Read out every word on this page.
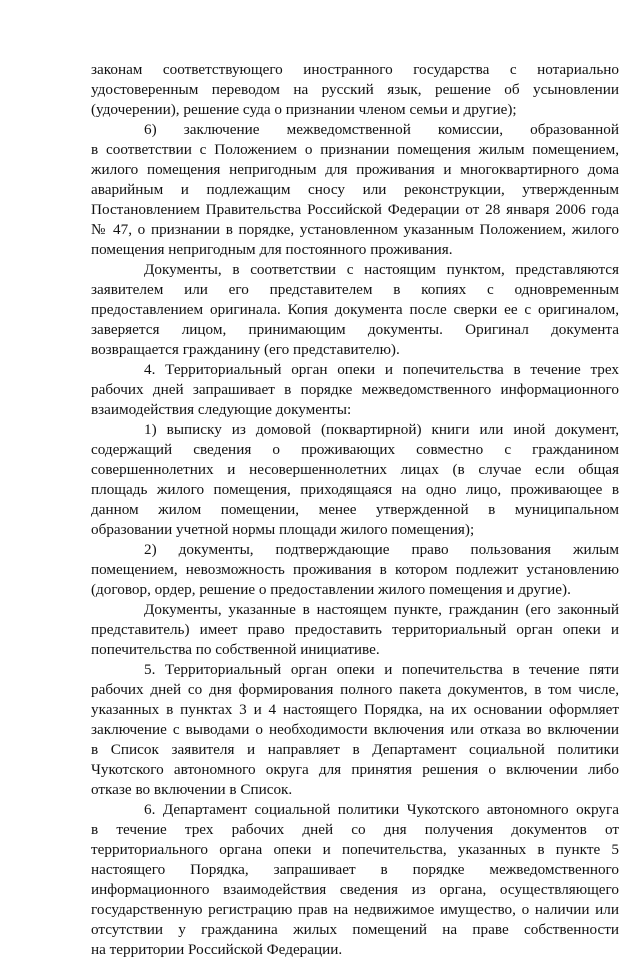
законам соответствующего иностранного государства с нотариально
удостоверенным переводом на русский язык, решение об усыновлении
(удочерении), решение суда о признании членом семьи и другие);
6) заключение межведомственной комиссии, образованной
в соответствии с Положением о признании помещения жилым помещением,
жилого помещения непригодным для проживания и многоквартирного дома
аварийным и подлежащим сносу или реконструкции, утвержденным
Постановлением Правительства Российской Федерации от 28 января 2006 года
№ 47, о признании в порядке, установленном указанным Положением, жилого
помещения непригодным для постоянного проживания.
Документы, в соответствии с настоящим пунктом, представляются
заявителем или его представителем в копиях с одновременным
предоставлением оригинала. Копия документа после сверки ее с оригиналом,
заверяется лицом, принимающим документы. Оригинал документа
возвращается гражданину (его представителю).
4. Территориальный орган опеки и попечительства в течение трех
рабочих дней запрашивает в порядке межведомственного информационного
взаимодействия следующие документы:
1) выписку из домовой (поквартирной) книги или иной документ,
содержащий сведения о проживающих совместно с гражданином
совершеннолетних и несовершеннолетних лицах (в случае если общая
площадь жилого помещения, приходящаяся на одно лицо, проживающее в
данном жилом помещении, менее утвержденной в муниципальном
образовании учетной нормы площади жилого помещения);
2) документы, подтверждающие право пользования жилым
помещением, невозможность проживания в котором подлежит установлению
(договор, ордер, решение о предоставлении жилого помещения и другие).
Документы, указанные в настоящем пункте, гражданин (его законный
представитель) имеет право предоставить территориальный орган опеки и
попечительства по собственной инициативе.
5. Территориальный орган опеки и попечительства в течение пяти
рабочих дней со дня формирования полного пакета документов, в том числе,
указанных в пунктах 3 и 4 настоящего Порядка, на их основании оформляет
заключение с выводами о необходимости включения или отказа во включении
в Список заявителя и направляет в Департамент социальной политики
Чукотского автономного округа для принятия решения о включении либо
отказе во включении в Список.
6. Департамент социальной политики Чукотского автономного округа
в течение трех рабочих дней со дня получения документов от
территориального органа опеки и попечительства, указанных в пункте 5
настоящего Порядка, запрашивает в порядке межведомственного
информационного взаимодействия сведения из органа, осуществляющего
государственную регистрацию прав на недвижимое имущество, о наличии или
отсутствии у гражданина жилых помещений на праве собственности
на территории Российской Федерации.
